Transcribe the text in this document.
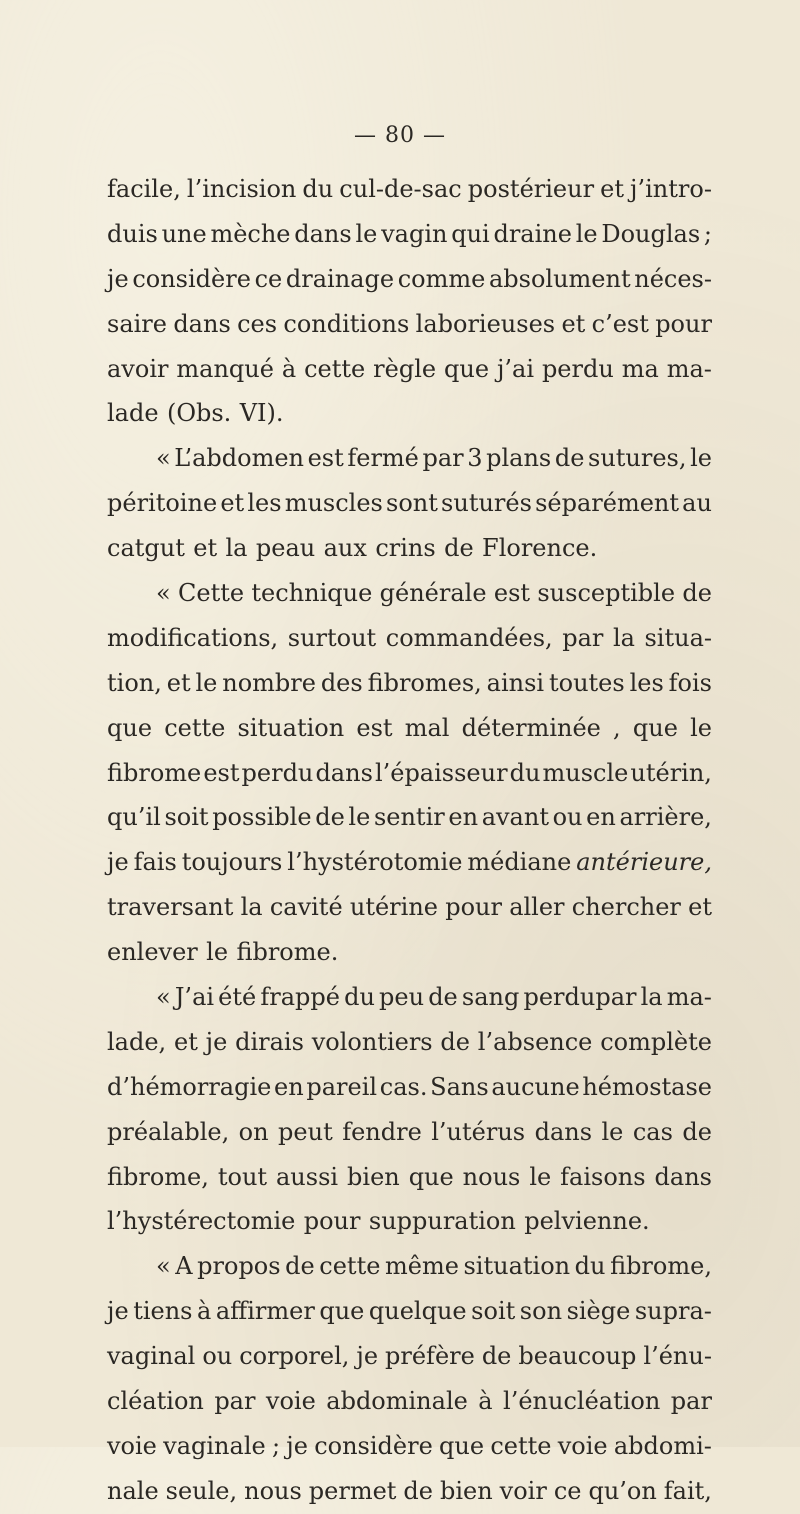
— 80 —
facile, l’incision du cul-de-sac postérieur et j’intro-
duis une mèche dans le vagin qui draine le Douglas ;
je considère ce drainage comme absolument néces-
saire dans ces conditions laborieuses et c’est pour
avoir manqué à cette règle que j’ai perdu ma ma-
lade (Obs. VI).
« L’abdomen est fermé par 3 plans de sutures, le
péritoine et les muscles sont suturés séparément au
catgut et la peau aux crins de Florence.
« Cette technique générale est susceptible de
modifications, surtout commandées, par la situa-
tion, et le nombre des fibromes, ainsi toutes les fois
que cette situation est mal déterminée , que le
fibrome est perdu dans l’épaisseur du muscle utérin,
qu’il soit possible de le sentir en avant ou en arrière,
je fais toujours l’hystérotomie médiane antérieure,
traversant la cavité utérine pour aller chercher et
enlever le fibrome.
« J’ai été frappé du peu de sang perdupar la ma-
lade, et je dirais volontiers de l’absence complète
d’hémorragie en pareil cas. Sans aucune hémostase
préalable, on peut fendre l’utérus dans le cas de
fibrome, tout aussi bien que nous le faisons dans
l’hystérectomie pour suppuration pelvienne.
« A propos de cette même situation du fibrome,
je tiens à affirmer que quelque soit son siège supra-
vaginal ou corporel, je préfère de beaucoup l’énu-
cléation par voie abdominale à l’énucléation par
voie vaginale ; je considère que cette voie abdomi-
nale seule, nous permet de bien voir ce qu’on fait,
